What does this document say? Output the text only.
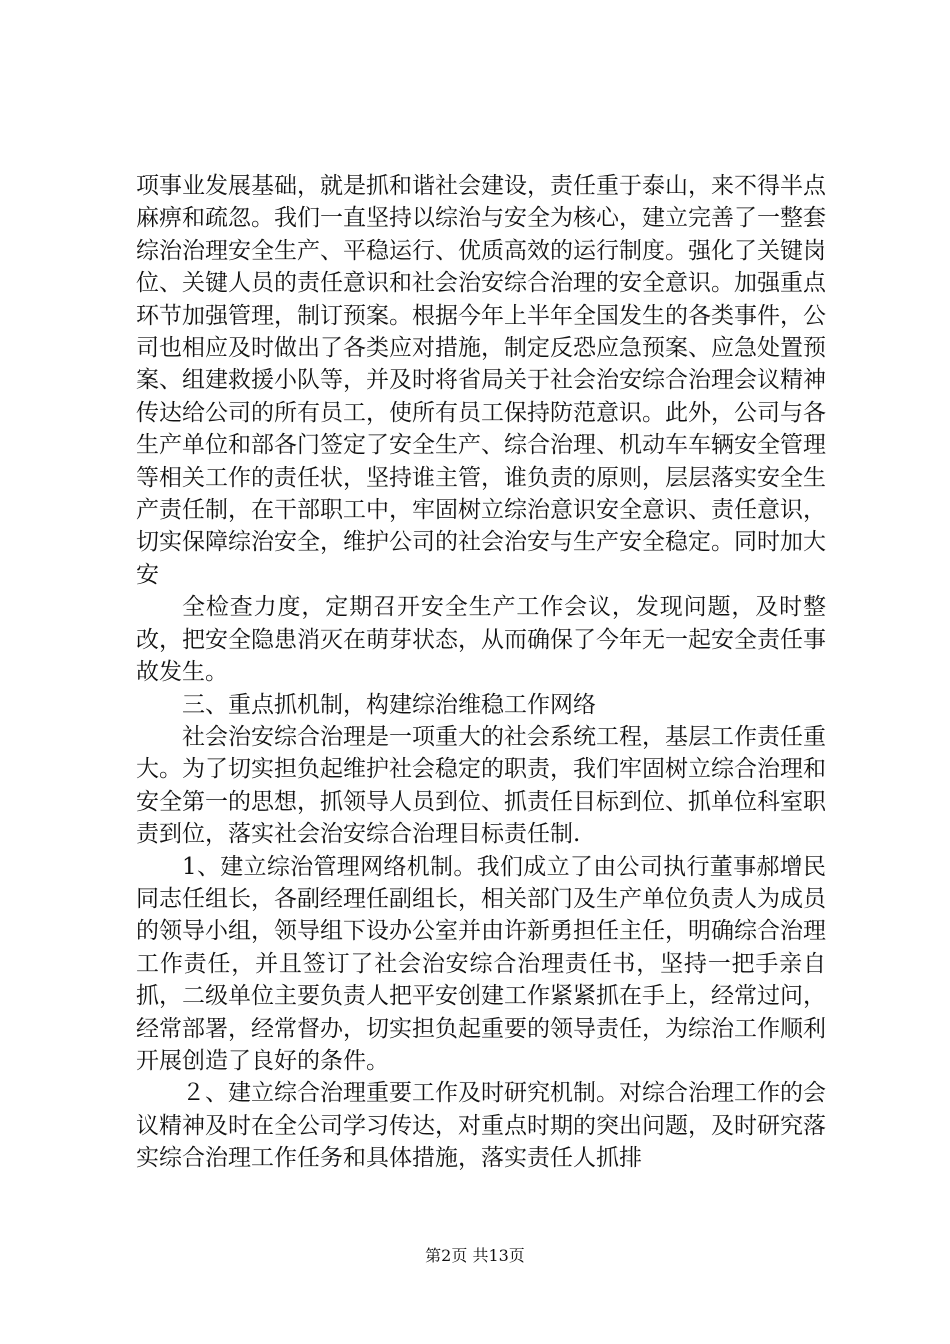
项事业发展基础，就是抓和谐社会建设，责任重于泰山，来不得半点麻痹和疏忽。我们一直坚持以综治与安全为核心，建立完善了一整套综治治理安全生产、平稳运行、优质高效的运行制度。强化了关键岗位、关键人员的责任意识和社会治安综合治理的安全意识。加强重点环节加强管理，制订预案。根据今年上半年全国发生的各类事件，公司也相应及时做出了各类应对措施，制定反恐应急预案、应急处置预案、组建救援小队等，并及时将省局关于社会治安综合治理会议精神传达给公司的所有员工，使所有员工保持防范意识。此外，公司与各生产单位和部各门签定了安全生产、综合治理、机动车车辆安全管理等相关工作的责任状，坚持谁主管，谁负责的原则，层层落实安全生产责任制，在干部职工中，牢固树立综治意识安全意识、责任意识，切实保障综治安全，维护公司的社会治安与生产安全稳定。同时加大安

全检查力度，定期召开安全生产工作会议，发现问题，及时整改，把安全隐患消灭在萌芽状态，从而确保了今年无一起安全责任事故发生。

三、重点抓机制，构建综治维稳工作网络

社会治安综合治理是一项重大的社会系统工程，基层工作责任重大。为了切实担负起维护社会稳定的职责，我们牢固树立综合治理和安全第一的思想，抓领导人员到位、抓责任目标到位、抓单位科室职责到位，落实社会治安综合治理目标责任制.

1、建立综治管理网络机制。我们成立了由公司执行董事郝增民同志任组长，各副经理任副组长，相关部门及生产单位负责人为成员的领导小组，领导组下设办公室并由许新勇担任主任，明确综合治理工作责任，并且签订了社会治安综合治理责任书，坚持一把手亲自抓，二级单位主要负责人把平安创建工作紧紧抓在手上，经常过问，经常部署，经常督办，切实担负起重要的领导责任，为综治工作顺利开展创造了良好的条件。

２、建立综合治理重要工作及时研究机制。对综合治理工作的会议精神及时在全公司学习传达，对重点时期的突出问题，及时研究落实综合治理工作任务和具体措施，落实责任人抓排

第2页 共13页
